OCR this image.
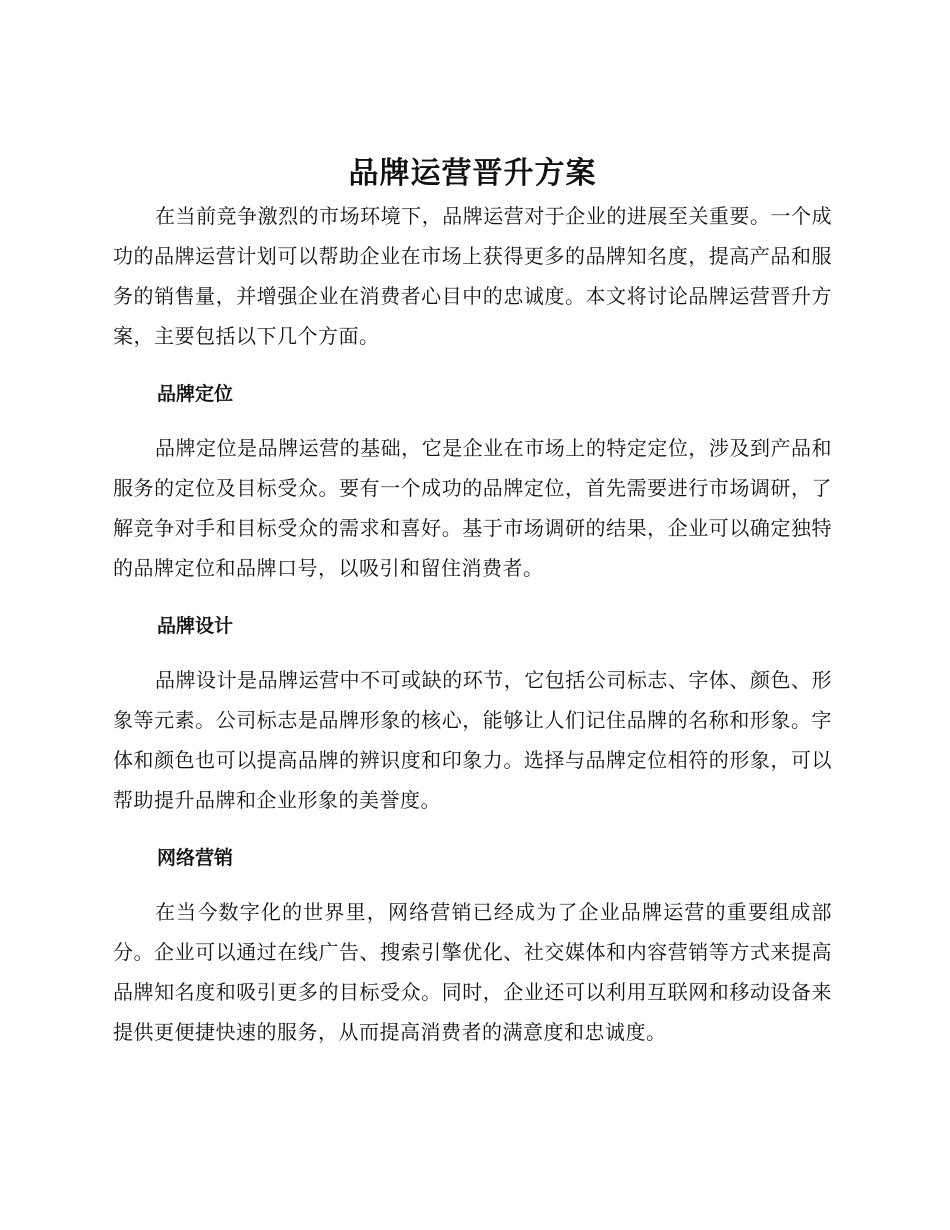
品牌运营晋升方案

在当前竞争激烈的市场环境下，品牌运营对于企业的进展至关重要。一个成功的品牌运营计划可以帮助企业在市场上获得更多的品牌知名度，提高产品和服务的销售量，并增强企业在消费者心目中的忠诚度。本文将讨论品牌运营晋升方案，主要包括以下几个方面。

品牌定位

品牌定位是品牌运营的基础，它是企业在市场上的特定定位，涉及到产品和服务的定位及目标受众。要有一个成功的品牌定位，首先需要进行市场调研，了解竞争对手和目标受众的需求和喜好。基于市场调研的结果，企业可以确定独特的品牌定位和品牌口号，以吸引和留住消费者。

品牌设计

品牌设计是品牌运营中不可或缺的环节，它包括公司标志、字体、颜色、形象等元素。公司标志是品牌形象的核心，能够让人们记住品牌的名称和形象。字体和颜色也可以提高品牌的辨识度和印象力。选择与品牌定位相符的形象，可以帮助提升品牌和企业形象的美誉度。

网络营销

在当今数字化的世界里，网络营销已经成为了企业品牌运营的重要组成部分。企业可以通过在线广告、搜索引擎优化、社交媒体和内容营销等方式来提高品牌知名度和吸引更多的目标受众。同时，企业还可以利用互联网和移动设备来提供更便捷快速的服务，从而提高消费者的满意度和忠诚度。
